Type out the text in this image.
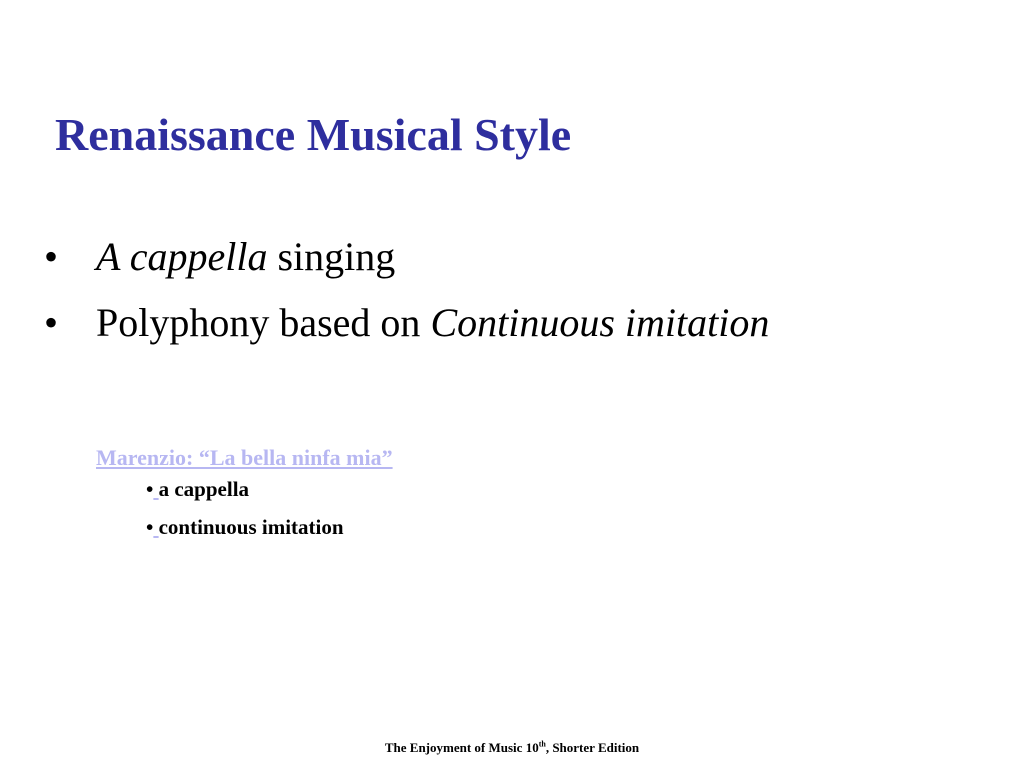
Renaissance Musical Style
• A cappella singing
• Polyphony based on Continuous imitation
Marenzio: “La bella ninfa mia”
• a cappella
• continuous imitation
The Enjoyment of Music 10th, Shorter Edition
